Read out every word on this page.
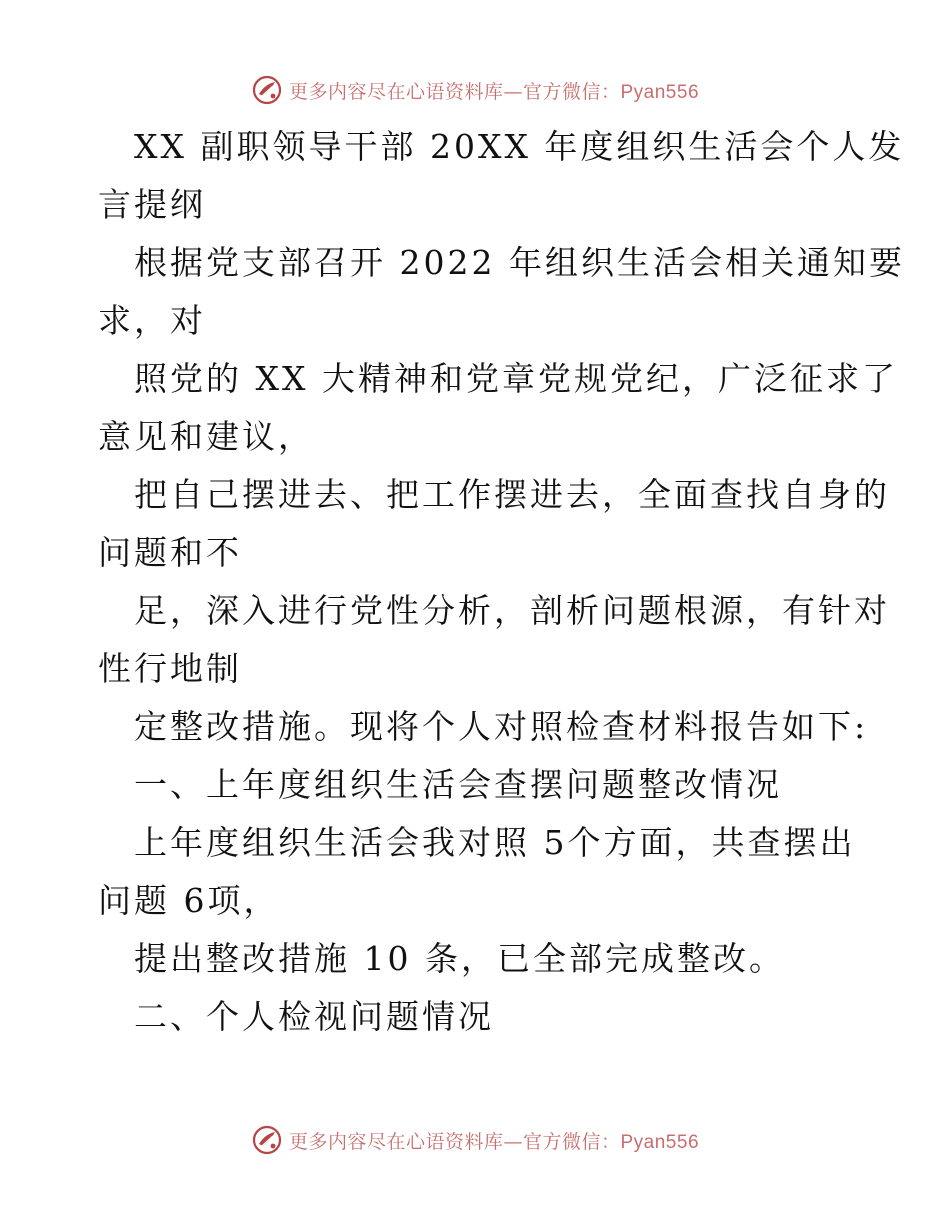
更多内容尽在心语资料库—官方微信：Pyan556
XX 副职领导干部 20XX 年度组织生活会个人发
言提纲
根据党支部召开 2022 年组织生活会相关通知要
求，对
照党的 XX 大精神和党章党规党纪，广泛征求了
意见和建议，
把自己摆进去、把工作摆进去，全面查找自身的
问题和不
足，深入进行党性分析，剖析问题根源，有针对
性行地制
定整改措施。现将个人对照检查材料报告如下:
一、上年度组织生活会查摆问题整改情况
上年度组织生活会我对照 5个方面，共查摆出
问题 6项，
提出整改措施 10 条，已全部完成整改。
二、个人检视问题情况
更多内容尽在心语资料库—官方微信：Pyan556
